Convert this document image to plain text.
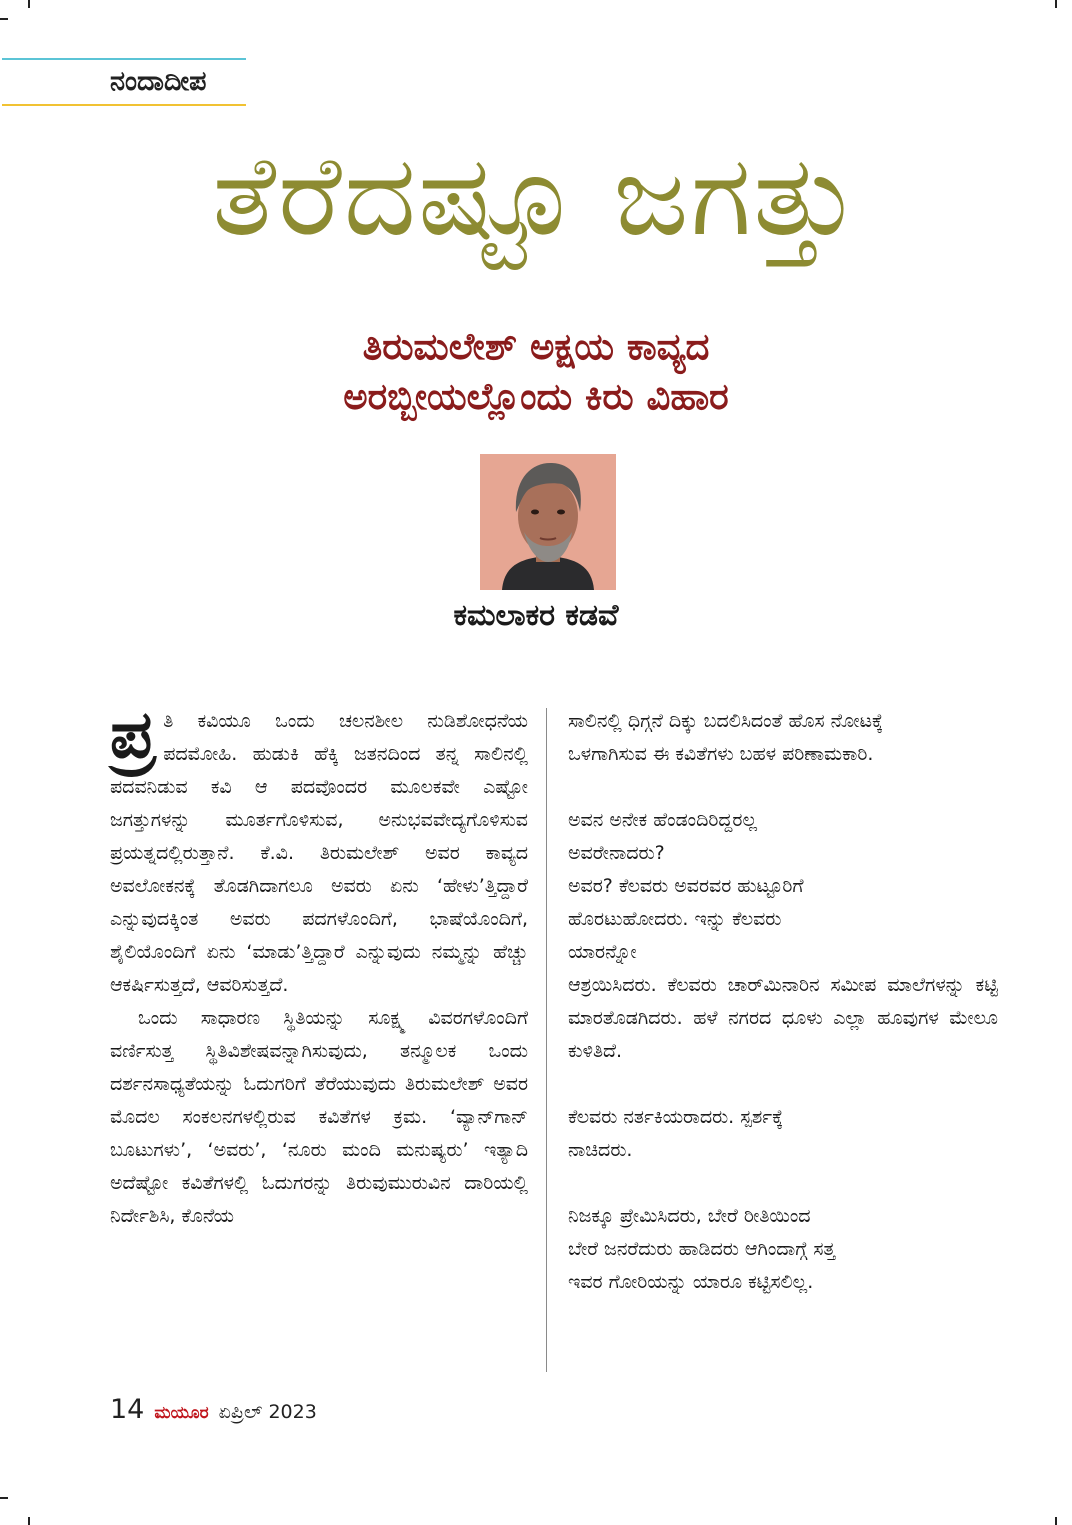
ನಂದಾದೀಪ
ತೆರೆದಷ್ಟೂ ಜಗತ್ತು
ತಿರುಮಲೇಶ್ ಅಕ್ಷಯ ಕಾವ್ಯದ
ಅರಬ್ಬೀಯಲ್ಲೊಂದು ಕಿರು ವಿಹಾರ
ಕಮಲಾಕರ ಕಡವೆ

ಪ್ರ ತಿ ಕವಿಯೂ ಒಂದು ಚಲನಶೀಲ ನುಡಿಶೋಧನೆಯ ಪದಮೋಹಿ. ಹುಡುಕಿ ಹೆಕ್ಕಿ ಜತನದಿಂದ ತನ್ನ ಸಾಲಿನಲ್ಲಿ ಪದವನಿಡುವ ಕವಿ ಆ ಪದವೊಂದರ ಮೂಲಕವೇ ಎಷ್ಟೋ ಜಗತ್ತುಗಳನ್ನು ಮೂರ್ತಗೊಳಿಸುವ, ಅನುಭವವೇದ್ಯಗೊಳಿಸುವ ಪ್ರಯತ್ನದಲ್ಲಿರುತ್ತಾನೆ. ಕೆ.ವಿ. ತಿರುಮಲೇಶ್ ಅವರ ಕಾವ್ಯದ ಅವಲೋಕನಕ್ಕೆ ತೊಡಗಿದಾಗಲೂ ಅವರು ಏನು ‘ಹೇಳು’ತ್ತಿದ್ದಾರೆ ಎನ್ನುವುದಕ್ಕಿಂತ ಅವರು ಪದಗಳೊಂದಿಗೆ, ಭಾಷೆಯೊಂದಿಗೆ, ಶೈಲಿಯೊಂದಿಗೆ ಏನು ‘ಮಾಡು’ತ್ತಿದ್ದಾರೆ ಎನ್ನುವುದು ನಮ್ಮನ್ನು ಹೆಚ್ಚು ಆಕರ್ಷಿಸುತ್ತದೆ, ಆವರಿಸುತ್ತದೆ.

ಒಂದು ಸಾಧಾರಣ ಸ್ಥಿತಿಯನ್ನು ಸೂಕ್ಷ್ಮ ವಿವರಗಳೊಂದಿಗೆ ವರ್ಣಿಸುತ್ತ ಸ್ಥಿತಿವಿಶೇಷವನ್ನಾಗಿಸುವುದು, ತನ್ಮೂಲಕ ಒಂದು ದರ್ಶನಸಾಧ್ಯತೆಯನ್ನು ಓದುಗರಿಗೆ ತೆರೆಯುವುದು ತಿರುಮಲೇಶ್ ಅವರ ಮೊದಲ ಸಂಕಲನಗಳಲ್ಲಿರುವ ಕವಿತೆಗಳ ಕ್ರಮ. ‘ವ್ಯಾನ್‌ಗಾನ್ ಬೂಟುಗಳು’, ‘ಅವರು’, ‘ನೂರು ಮಂದಿ ಮನುಷ್ಯರು’ ಇತ್ಯಾದಿ ಅದೆಷ್ಟೋ ಕವಿತೆಗಳಲ್ಲಿ ಓದುಗರನ್ನು ತಿರುವುಮುರುವಿನ ದಾರಿಯಲ್ಲಿ ನಿರ್ದೇಶಿಸಿ, ಕೊನೆಯ

ಸಾಲಿನಲ್ಲಿ ಧಿಗ್ಗನೆ ದಿಕ್ಕು ಬದಲಿಸಿದಂತೆ ಹೊಸ ನೋಟಕ್ಕೆ

ಒಳಗಾಗಿಸುವ ಈ ಕವಿತೆಗಳು ಬಹಳ ಪರಿಣಾಮಕಾರಿ.

ಅವನ ಅನೇಕ ಹೆಂಡಂದಿರಿದ್ದರಲ್ಲ

ಅವರೇನಾದರು?

ಅವರ? ಕೆಲವರು ಅವರವರ ಹುಟ್ಟೂರಿಗೆ

ಹೊರಟುಹೋದರು. ಇನ್ನು ಕೆಲವರು

ಯಾರನ್ನೋ

ಆಶ್ರಯಿಸಿದರು. ಕೆಲವರು ಚಾರ್‌ಮಿನಾರಿನ ಸಮೀಪ ಮಾಲೆಗಳನ್ನು ಕಟ್ಟಿ ಮಾರತೊಡಗಿದರು. ಹಳೆ ನಗರದ ಧೂಳು ಎಲ್ಲಾ ಹೂವುಗಳ ಮೇಲೂ ಕುಳಿತಿದೆ.

ಕೆಲವರು ನರ್ತಕಿಯರಾದರು. ಸ್ಪರ್ಶಕ್ಕೆ

ನಾಚಿದರು.

ನಿಜಕ್ಕೂ ಪ್ರೇಮಿಸಿದರು, ಬೇರೆ ರೀತಿಯಿಂದ

ಬೇರೆ ಜನರೆದುರು ಹಾಡಿದರು ಆಗಿಂದಾಗ್ಗೆ ಸತ್ತ

ಇವರ ಗೋರಿಯನ್ನು ಯಾರೂ ಕಟ್ಟಿಸಲಿಲ್ಲ.

14 ಮಯೂರ ಏಪ್ರಿಲ್ 2023
